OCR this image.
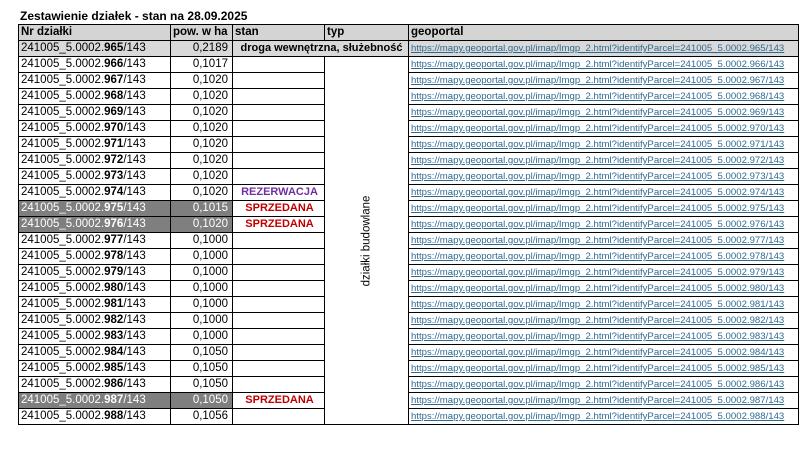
Zestawienie działek - stan na 28.09.2025
Nr działki	pow. w ha	stan	typ	geoportal
241005_5.0002.965/143	0,2189	droga wewnętrzna, służebność		https://mapy.geoportal.gov.pl/imap/Imgp_2.html?identifyParcel=241005_5.0002.965/143
241005_5.0002.966/143	0,1017		działki budowlane	https://mapy.geoportal.gov.pl/imap/Imgp_2.html?identifyParcel=241005_5.0002.966/143
241005_5.0002.967/143	0,1020			https://mapy.geoportal.gov.pl/imap/Imgp_2.html?identifyParcel=241005_5.0002.967/143
241005_5.0002.968/143	0,1020			https://mapy.geoportal.gov.pl/imap/Imgp_2.html?identifyParcel=241005_5.0002.968/143
241005_5.0002.969/143	0,1020			https://mapy.geoportal.gov.pl/imap/Imgp_2.html?identifyParcel=241005_5.0002.969/143
241005_5.0002.970/143	0,1020			https://mapy.geoportal.gov.pl/imap/Imgp_2.html?identifyParcel=241005_5.0002.970/143
241005_5.0002.971/143	0,1020			https://mapy.geoportal.gov.pl/imap/Imgp_2.html?identifyParcel=241005_5.0002.971/143
241005_5.0002.972/143	0,1020			https://mapy.geoportal.gov.pl/imap/Imgp_2.html?identifyParcel=241005_5.0002.972/143
241005_5.0002.973/143	0,1020			https://mapy.geoportal.gov.pl/imap/Imgp_2.html?identifyParcel=241005_5.0002.973/143
241005_5.0002.974/143	0,1020	REZERWACJA		https://mapy.geoportal.gov.pl/imap/Imgp_2.html?identifyParcel=241005_5.0002.974/143
241005_5.0002.975/143	0,1015	SPRZEDANA		https://mapy.geoportal.gov.pl/imap/Imgp_2.html?identifyParcel=241005_5.0002.975/143
241005_5.0002.976/143	0,1020	SPRZEDANA		https://mapy.geoportal.gov.pl/imap/Imgp_2.html?identifyParcel=241005_5.0002.976/143
241005_5.0002.977/143	0,1000			https://mapy.geoportal.gov.pl/imap/Imgp_2.html?identifyParcel=241005_5.0002.977/143
241005_5.0002.978/143	0,1000			https://mapy.geoportal.gov.pl/imap/Imgp_2.html?identifyParcel=241005_5.0002.978/143
241005_5.0002.979/143	0,1000			https://mapy.geoportal.gov.pl/imap/Imgp_2.html?identifyParcel=241005_5.0002.979/143
241005_5.0002.980/143	0,1000			https://mapy.geoportal.gov.pl/imap/Imgp_2.html?identifyParcel=241005_5.0002.980/143
241005_5.0002.981/143	0,1000			https://mapy.geoportal.gov.pl/imap/Imgp_2.html?identifyParcel=241005_5.0002.981/143
241005_5.0002.982/143	0,1000			https://mapy.geoportal.gov.pl/imap/Imgp_2.html?identifyParcel=241005_5.0002.982/143
241005_5.0002.983/143	0,1000			https://mapy.geoportal.gov.pl/imap/Imgp_2.html?identifyParcel=241005_5.0002.983/143
241005_5.0002.984/143	0,1050			https://mapy.geoportal.gov.pl/imap/Imgp_2.html?identifyParcel=241005_5.0002.984/143
241005_5.0002.985/143	0,1050			https://mapy.geoportal.gov.pl/imap/Imgp_2.html?identifyParcel=241005_5.0002.985/143
241005_5.0002.986/143	0,1050			https://mapy.geoportal.gov.pl/imap/Imgp_2.html?identifyParcel=241005_5.0002.986/143
241005_5.0002.987/143	0,1050	SPRZEDANA		https://mapy.geoportal.gov.pl/imap/Imgp_2.html?identifyParcel=241005_5.0002.987/143
241005_5.0002.988/143	0,1056			https://mapy.geoportal.gov.pl/imap/Imgp_2.html?identifyParcel=241005_5.0002.988/143
